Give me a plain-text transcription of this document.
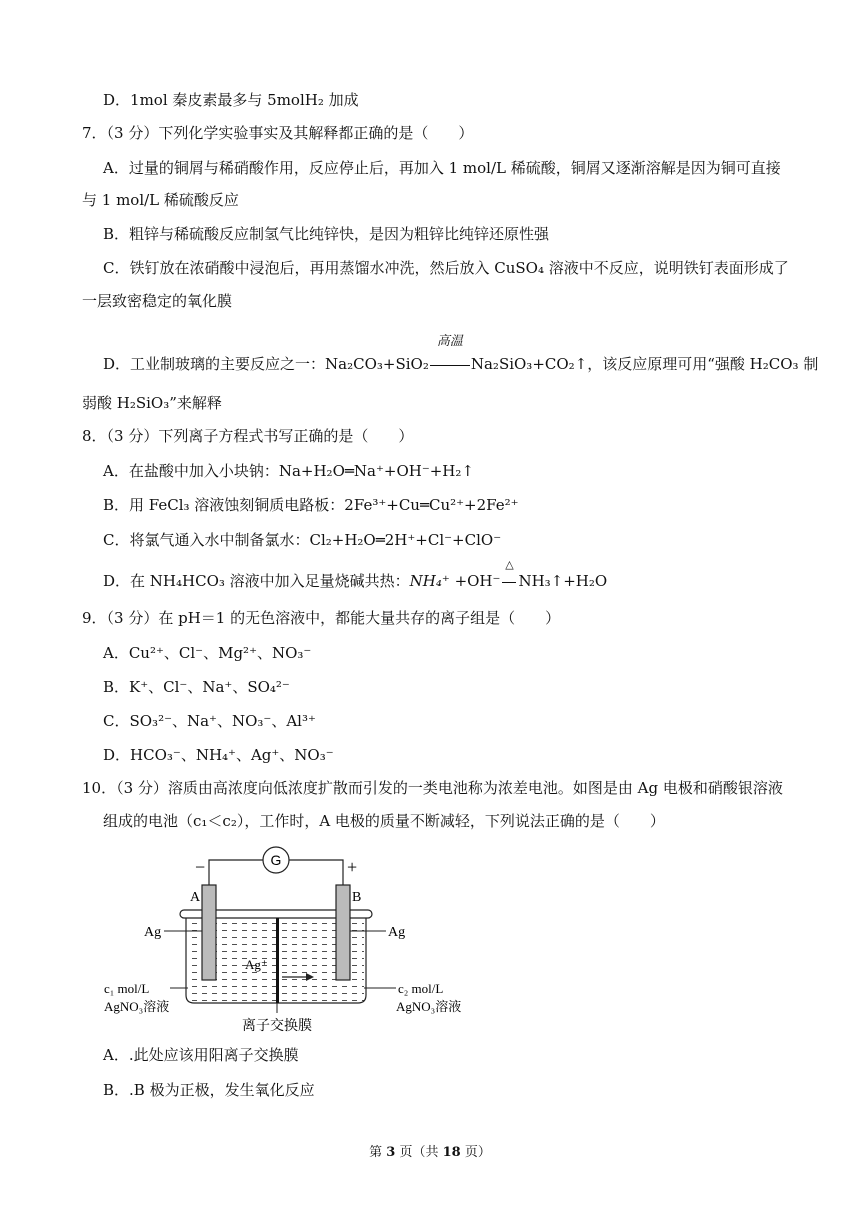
D．1mol 秦皮素最多与 5molH₂ 加成
7．（3 分）下列化学实验事实及其解释都正确的是（　　）
A．过量的铜屑与稀硝酸作用，反应停止后，再加入 1 mol/L 稀硫酸，铜屑又逐渐溶解是因为铜可直接
与 1 mol/L 稀硫酸反应
B．粗锌与稀硫酸反应制氢气比纯锌快，是因为粗锌比纯锌还原性强
C．铁钉放在浓硝酸中浸泡后，再用蒸馏水冲洗，然后放入 CuSO₄ 溶液中不反应，说明铁钉表面形成了
一层致密稳定的氧化膜
D．工业制玻璃的主要反应之一：Na₂CO₃+SiO₂
高温
Na₂SiO₃+CO₂↑，该反应原理可用“强酸 H₂CO₃ 制
弱酸 H₂SiO₃”来解释
8．（3 分）下列离子方程式书写正确的是（　　）
A．在盐酸中加入小块钠：Na+H₂O═Na⁺+OH⁻+H₂↑
B．用 FeCl₃ 溶液蚀刻铜质电路板：2Fe³⁺+Cu═Cu²⁺+2Fe²⁺
C．将氯气通入水中制备氯水：Cl₂+H₂O═2H⁺+Cl⁻+ClO⁻
D．在 NH₄HCO₃ 溶液中加入足量烧碱共热：NH₄⁺ +OH⁻
△
NH₃↑+H₂O
9．（3 分）在 pH＝1 的无色溶液中，都能大量共存的离子组是（　　）
A．Cu²⁺、Cl⁻、Mg²⁺、NO₃⁻
B．K⁺、Cl⁻、Na⁺、SO₄²⁻
C．SO₃²⁻、Na⁺、NO₃⁻、Al³⁺
D．HCO₃⁻、NH₄⁺、Ag⁺、NO₃⁻
10．（3 分）溶质由高浓度向低浓度扩散而引发的一类电池称为浓差电池。如图是由 Ag 电极和硝酸银溶液
组成的电池（c₁＜c₂），工作时，A 电极的质量不断减轻，下列说法正确的是（　　）
G
−	+
A	B
Ag	Ag
Ag⁺
c₁ mol/L
AgNO₃溶液
c₂ mol/L
AgNO₃溶液
离子交换膜
A．.此处应该用阳离子交换膜
B．.B 极为正极，发生氧化反应
第 3 页（共 18 页）
